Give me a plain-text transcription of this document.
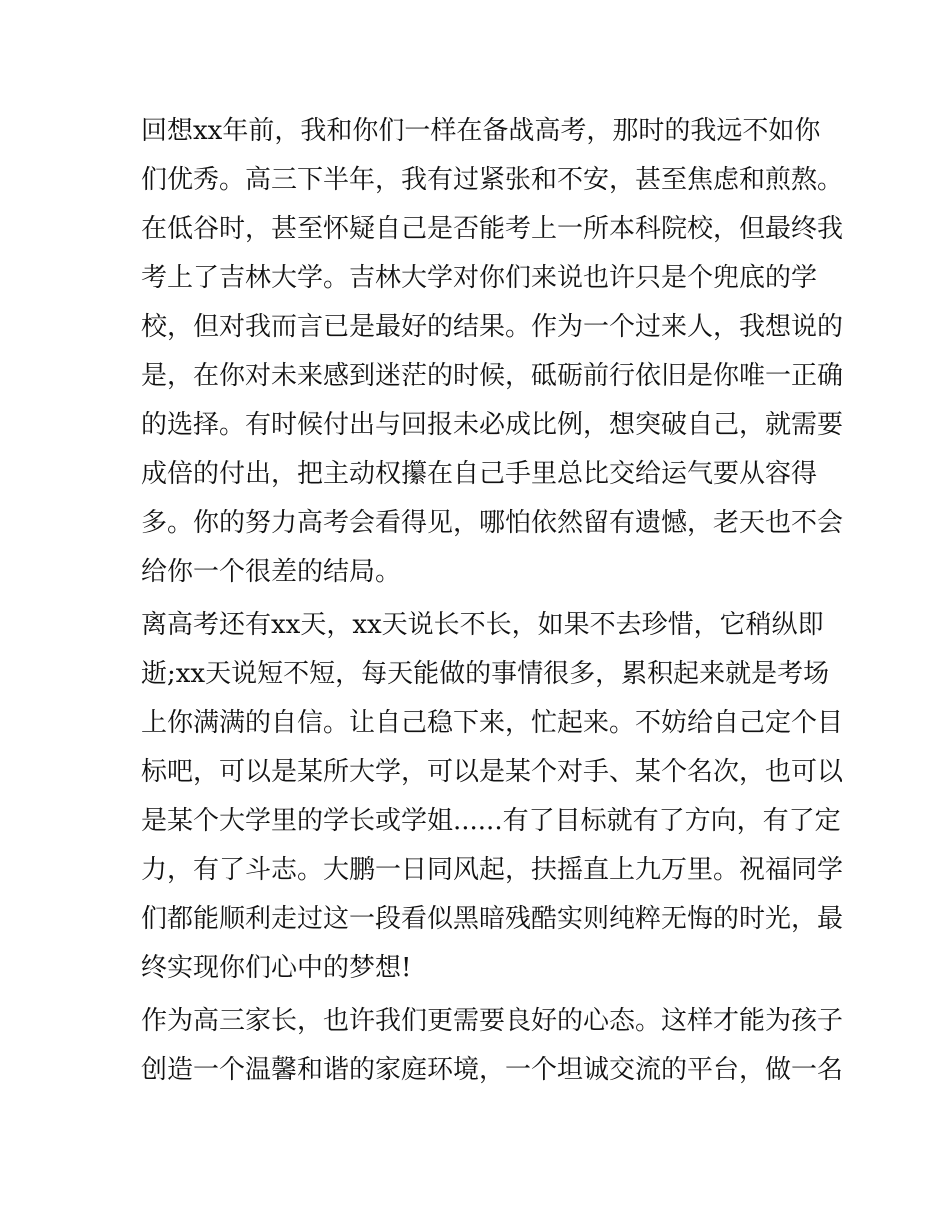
回想xx年前，我和你们一样在备战高考，那时的我远不如你
们优秀。高三下半年，我有过紧张和不安，甚至焦虑和煎熬。
在低谷时，甚至怀疑自己是否能考上一所本科院校，但最终我
考上了吉林大学。吉林大学对你们来说也许只是个兜底的学
校，但对我而言已是最好的结果。作为一个过来人，我想说的
是，在你对未来感到迷茫的时候，砥砺前行依旧是你唯一正确
的选择。有时候付出与回报未必成比例，想突破自己，就需要
成倍的付出，把主动权攥在自己手里总比交给运气要从容得
多。你的努力高考会看得见，哪怕依然留有遗憾，老天也不会
给你一个很差的结局。
离高考还有xx天，xx天说长不长，如果不去珍惜，它稍纵即
逝;xx天说短不短，每天能做的事情很多，累积起来就是考场
上你满满的自信。让自己稳下来，忙起来。不妨给自己定个目
标吧，可以是某所大学，可以是某个对手、某个名次，也可以
是某个大学里的学长或学姐......有了目标就有了方向，有了定
力，有了斗志。大鹏一日同风起，扶摇直上九万里。祝福同学
们都能顺利走过这一段看似黑暗残酷实则纯粹无悔的时光，最
终实现你们心中的梦想!
作为高三家长，也许我们更需要良好的心态。这样才能为孩子
创造一个温馨和谐的家庭环境，一个坦诚交流的平台，做一名
